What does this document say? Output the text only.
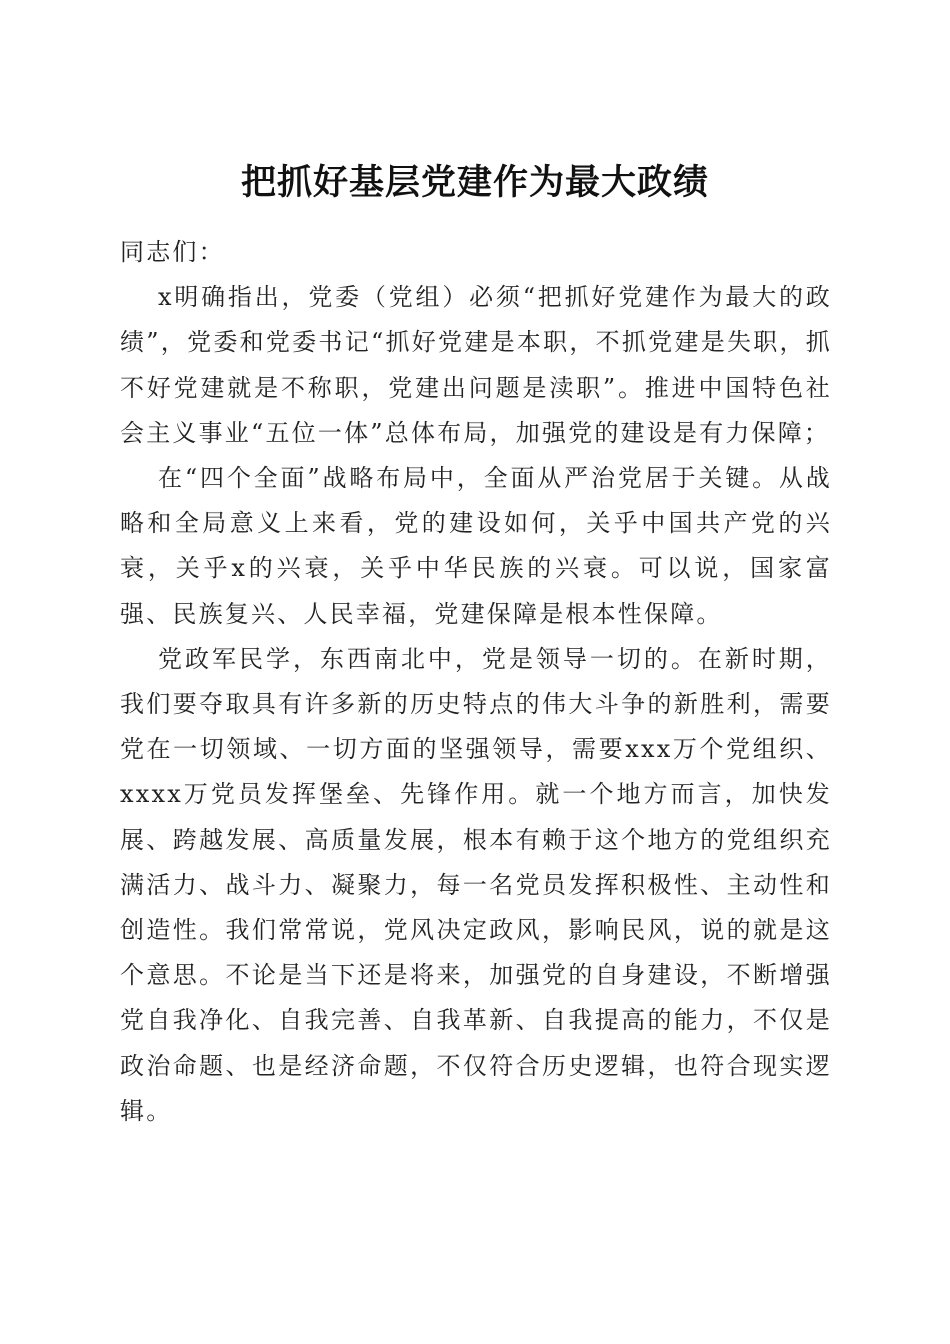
把抓好基层党建作为最大政绩

同志们：

x明确指出，党委（党组）必须“把抓好党建作为最大的政绩”，党委和党委书记“抓好党建是本职，不抓党建是失职，抓不好党建就是不称职，党建出问题是渎职”。推进中国特色社会主义事业“五位一体”总体布局，加强党的建设是有力保障；

在“四个全面”战略布局中，全面从严治党居于关键。从战略和全局意义上来看，党的建设如何，关乎中国共产党的兴衰，关乎x的兴衰，关乎中华民族的兴衰。可以说，国家富强、民族复兴、人民幸福，党建保障是根本性保障。

党政军民学，东西南北中，党是领导一切的。在新时期，我们要夺取具有许多新的历史特点的伟大斗争的新胜利，需要党在一切领域、一切方面的坚强领导，需要xxx万个党组织、xxxx万党员发挥堡垒、先锋作用。就一个地方而言，加快发展、跨越发展、高质量发展，根本有赖于这个地方的党组织充满活力、战斗力、凝聚力，每一名党员发挥积极性、主动性和创造性。我们常常说，党风决定政风，影响民风，说的就是这个意思。不论是当下还是将来，加强党的自身建设，不断增强党自我净化、自我完善、自我革新、自我提高的能力，不仅是政治命题、也是经济命题，不仅符合历史逻辑，也符合现实逻辑。
